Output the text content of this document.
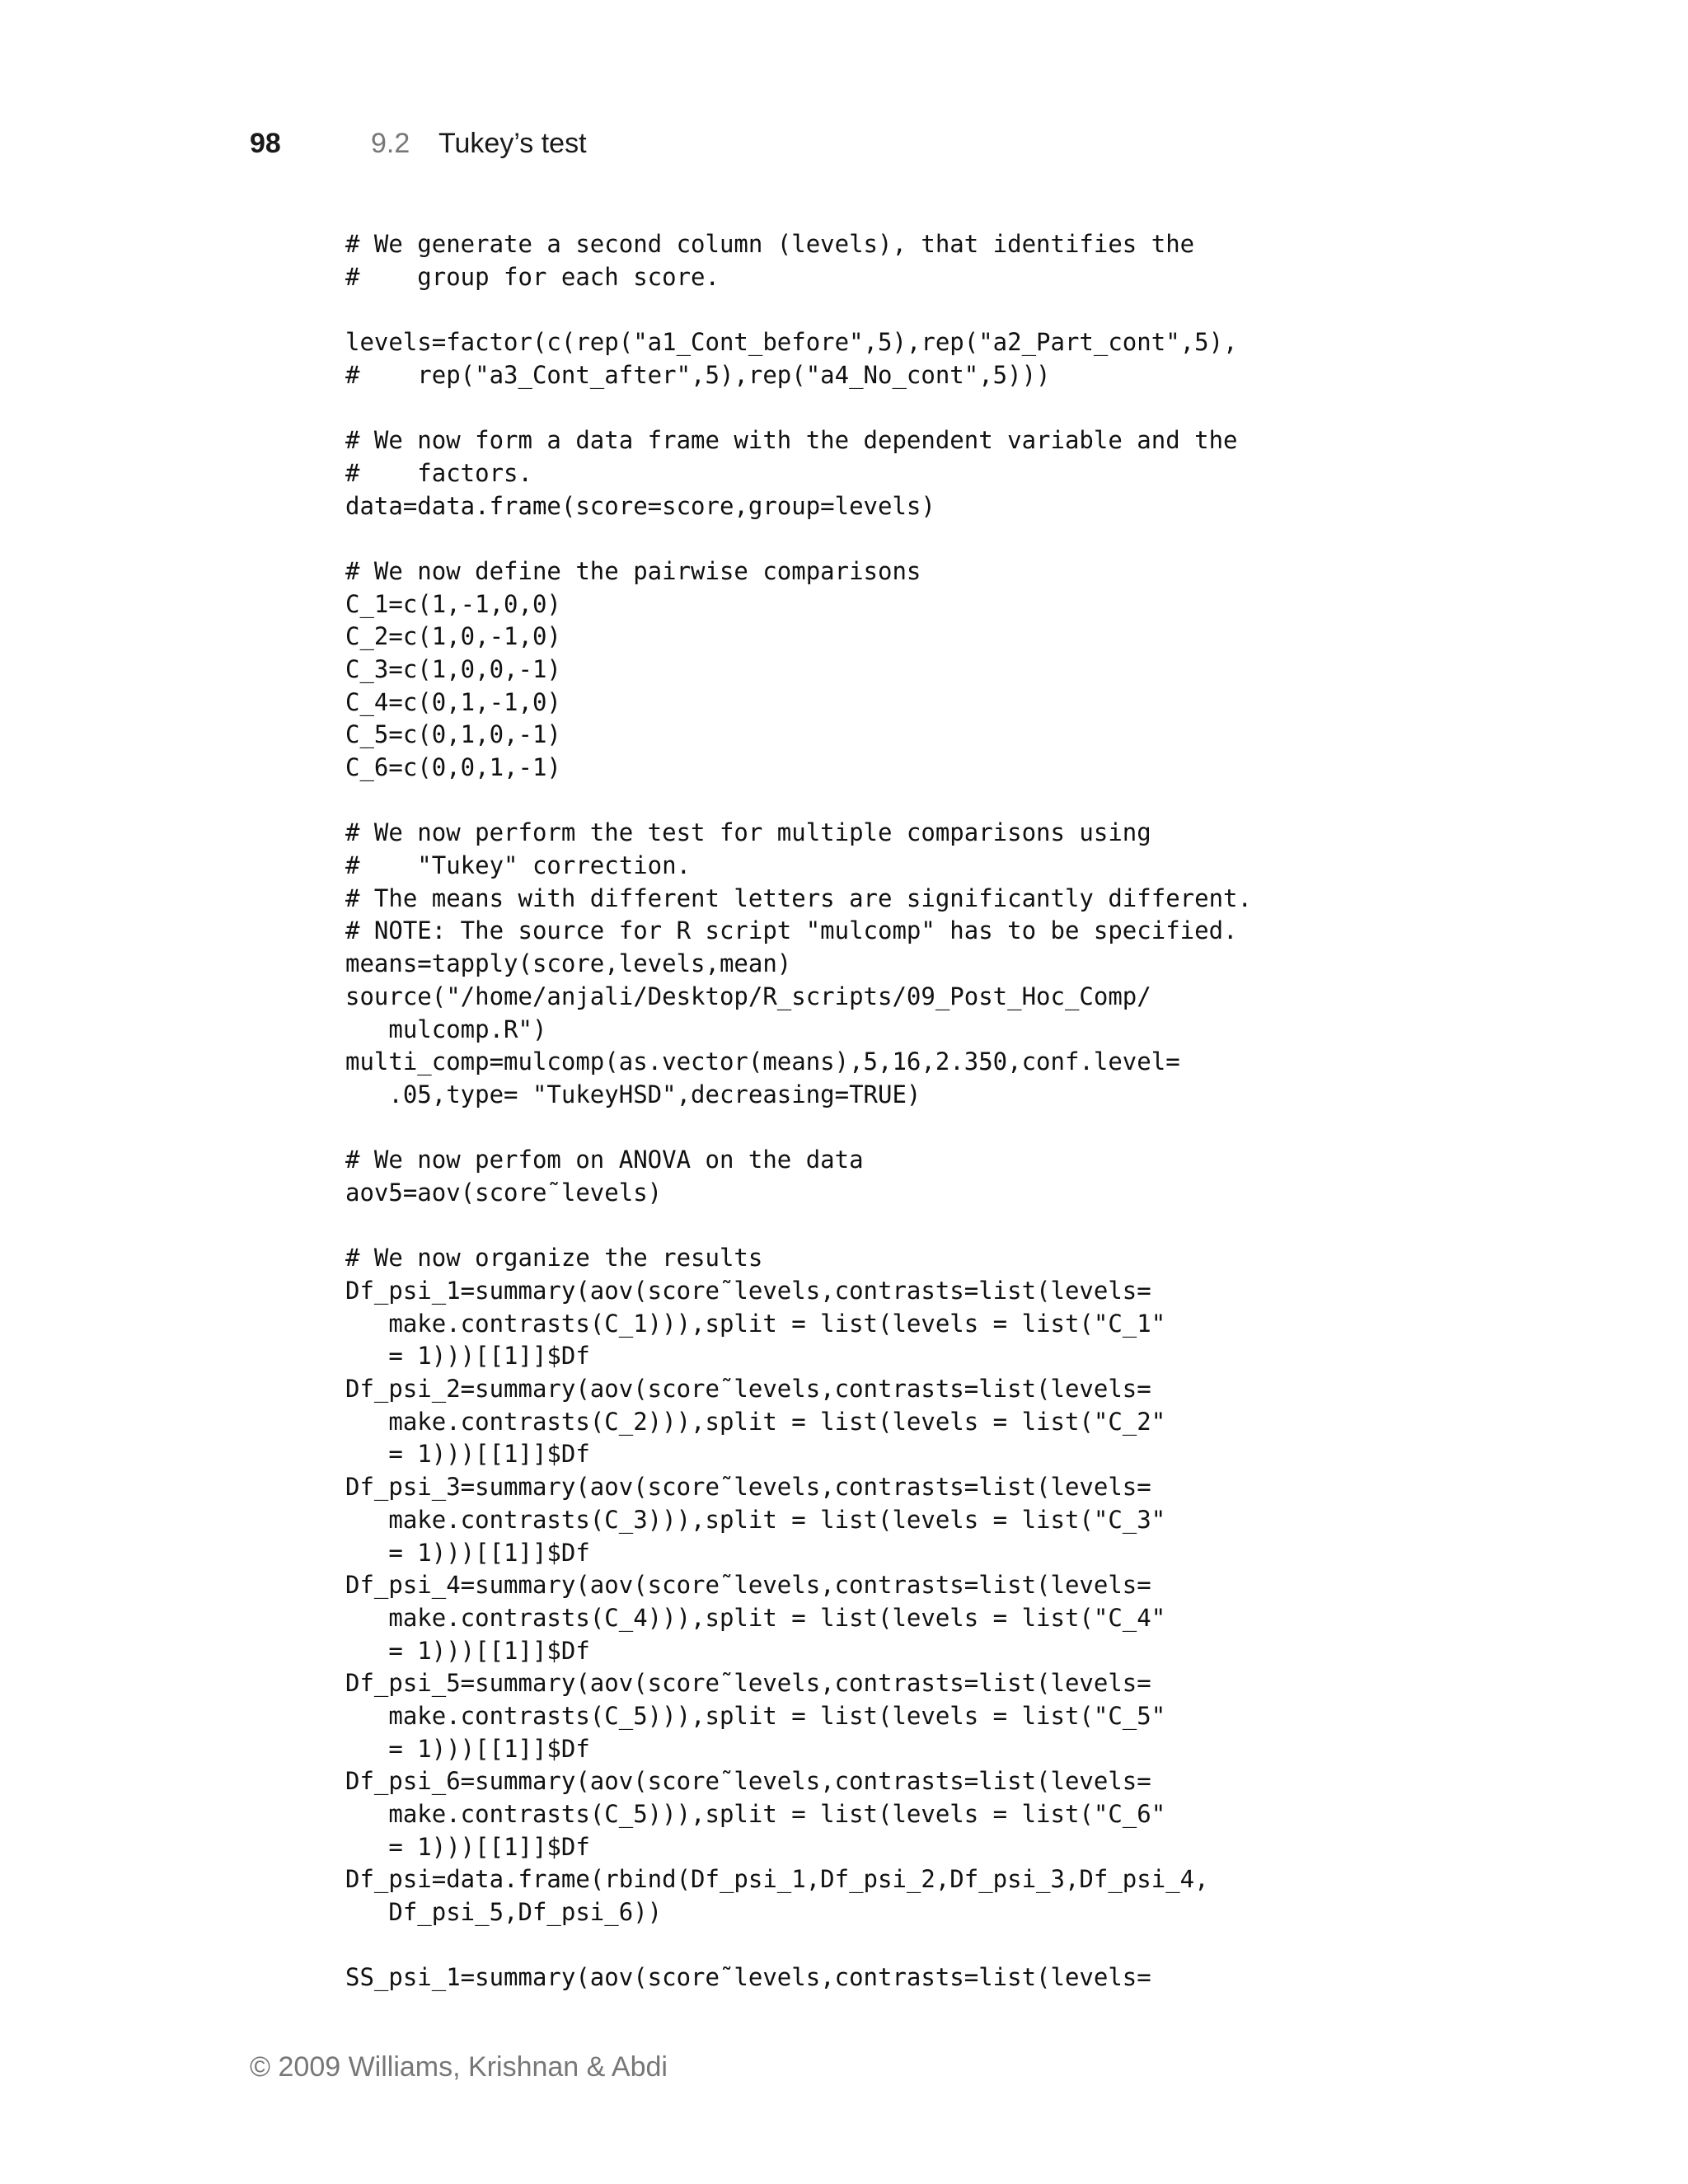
98	9.2 Tukey’s test
# We generate a second column (levels), that identifies the
#    group for each score.
levels=factor(c(rep("a1_Cont_before",5),rep("a2_Part_cont",5),
#    rep("a3_Cont_after",5),rep("a4_No_cont",5)))
# We now form a data frame with the dependent variable and the
#    factors.
data=data.frame(score=score,group=levels)
# We now define the pairwise comparisons
C_1=c(1,-1,0,0)
C_2=c(1,0,-1,0)
C_3=c(1,0,0,-1)
C_4=c(0,1,-1,0)
C_5=c(0,1,0,-1)
C_6=c(0,0,1,-1)
# We now perform the test for multiple comparisons using
#    "Tukey" correction.
# The means with different letters are significantly different.
# NOTE: The source for R script "mulcomp" has to be specified.
means=tapply(score,levels,mean)
source("/home/anjali/Desktop/R_scripts/09_Post_Hoc_Comp/
mulcomp.R")
multi_comp=mulcomp(as.vector(means),5,16,2.350,conf.level=
.05,type= "TukeyHSD",decreasing=TRUE)
# We now perfom on ANOVA on the data
aov5=aov(score˜levels)
# We now organize the results
Df_psi_1=summary(aov(score˜levels,contrasts=list(levels=
make.contrasts(C_1))),split = list(levels = list("C_1"
= 1)))[[1]]$Df
Df_psi_2=summary(aov(score˜levels,contrasts=list(levels=
make.contrasts(C_2))),split = list(levels = list("C_2"
= 1)))[[1]]$Df
Df_psi_3=summary(aov(score˜levels,contrasts=list(levels=
make.contrasts(C_3))),split = list(levels = list("C_3"
= 1)))[[1]]$Df
Df_psi_4=summary(aov(score˜levels,contrasts=list(levels=
make.contrasts(C_4))),split = list(levels = list("C_4"
= 1)))[[1]]$Df
Df_psi_5=summary(aov(score˜levels,contrasts=list(levels=
make.contrasts(C_5))),split = list(levels = list("C_5"
= 1)))[[1]]$Df
Df_psi_6=summary(aov(score˜levels,contrasts=list(levels=
make.contrasts(C_5))),split = list(levels = list("C_6"
= 1)))[[1]]$Df
Df_psi=data.frame(rbind(Df_psi_1,Df_psi_2,Df_psi_3,Df_psi_4,
Df_psi_5,Df_psi_6))
SS_psi_1=summary(aov(score˜levels,contrasts=list(levels=
© 2009 Williams, Krishnan & Abdi
